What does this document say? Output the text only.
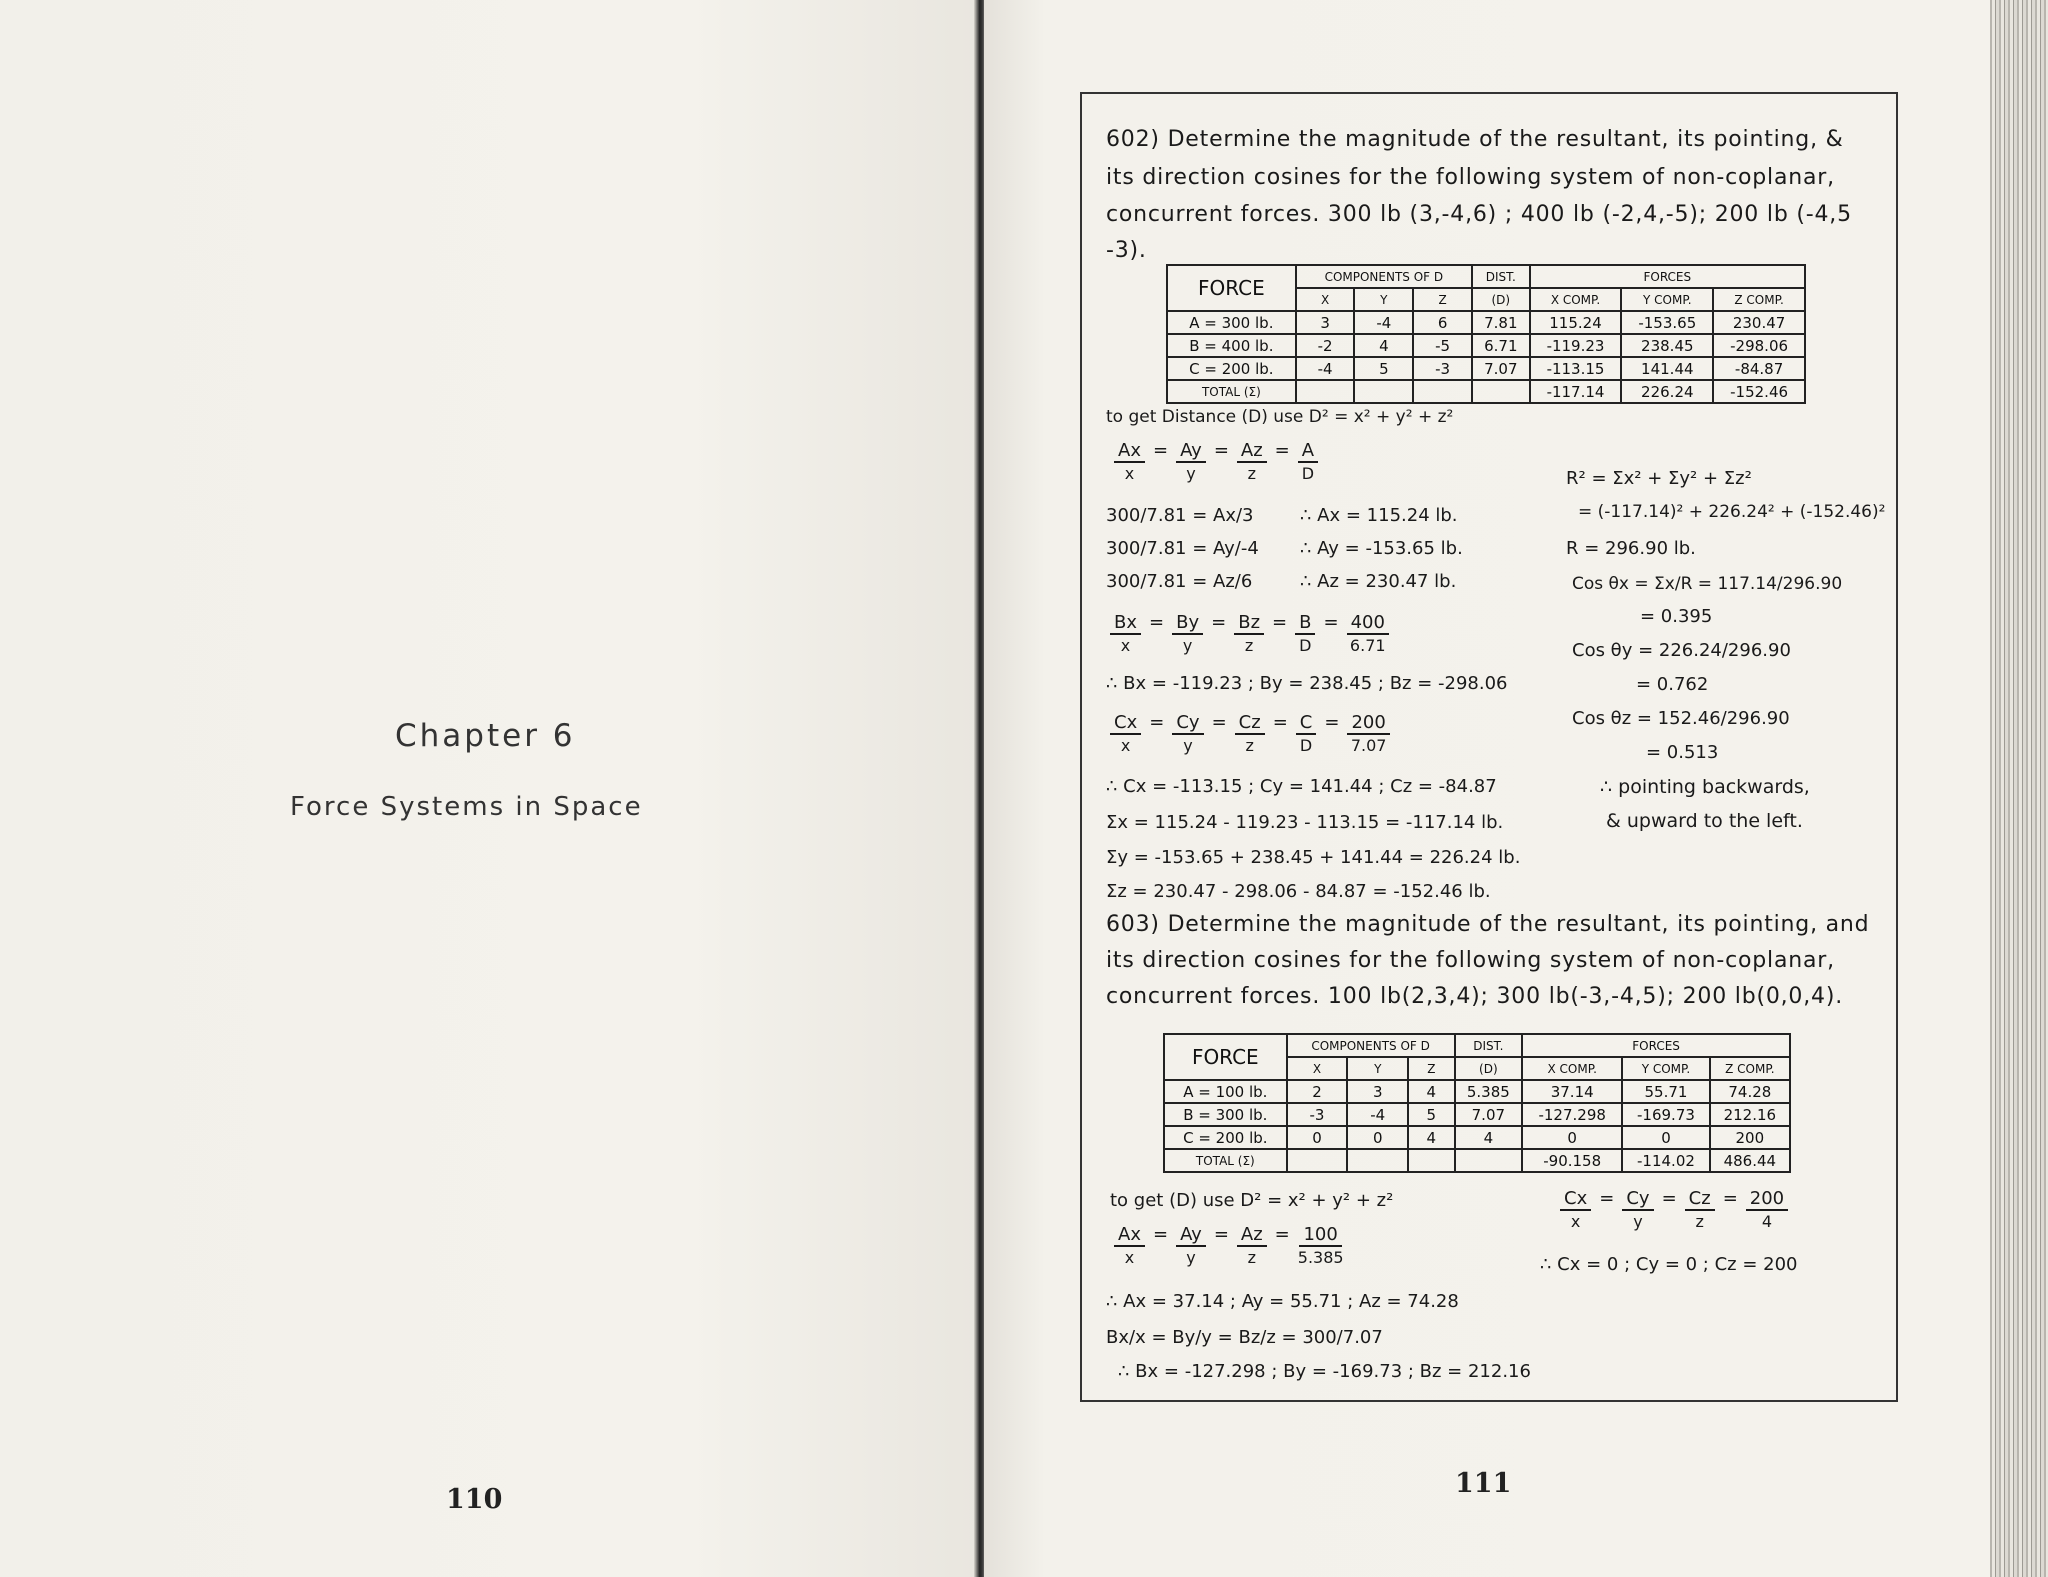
Chapter 6
Force Systems in Space
110
602) Determine the magnitude of the resultant, its pointing, &
its direction cosines for the following system of non-coplanar,
concurrent forces. 300 lb (3,-4,6) ; 400 lb (-2,4,-5); 200 lb (-4,5
-3).
FORCE	COMPONENTS OF D			DIST.	FORCES		
	X	Y	Z	(D)	X COMP.	Y COMP.	Z COMP.
A = 300 lb.	3	-4	6	7.81	115.24	-153.65	230.47
B = 400 lb.	-2	4	-5	6.71	-119.23	238.45	-298.06
C = 200 lb.	-4	5	-3	7.07	-113.15	141.44	-84.87
TOTAL (Σ)					-117.14	226.24	-152.46
to get Distance (D) use D² = x² + y² + z²
$\frac{Ax}{x} = \frac{Ay}{y} = \frac{Az}{z} = \frac{A}{D}$
300/7.81 = Ax/3	∴ Ax = 115.24 lb.
300/7.81 = Ay/-4 ∴ Ay = -153.65 lb.
300/7.81 = Az/6	∴ Az = 230.47 lb.
$\frac{Bx}{x} = \frac{By}{y} = \frac{Bz}{z} = \frac{B}{D} = \frac{400}{6.71}$
∴ Bx = -119.23 ; By = 238.45 ; Bz = -298.06
$\frac{Cx}{x} = \frac{Cy}{y} = \frac{Cz}{z} = \frac{C}{D} = \frac{200}{7.07}$
∴ Cx = -113.15 ; Cy = 141.44 ; Cz = -84.87
Σx = 115.24 - 119.23 - 113.15 = -117.14 lb.
Σy = -153.65 + 238.45 + 141.44 = 226.24 lb.
Σz = 230.47 - 298.06 - 84.87 = -152.46 lb.
R² = Σx² + Σy² + Σz²
= (-117.14)² + 226.24² + (-152.46)²
R = 296.90 lb.
Cos θx = Σx/R = 117.14/296.90
= 0.395
Cos θy = 226.24/296.90
= 0.762
Cos θz = 152.46/296.90
= 0.513
∴ pointing backwards,
& upward to the left.
603) Determine the magnitude of the resultant, its pointing, and
its direction cosines for the following system of non-coplanar,
concurrent forces. 100 lb(2,3,4); 300 lb(-3,-4,5); 200 lb(0,0,4).
FORCE	COMPONENTS OF D			DIST.	FORCES		
	X	Y	Z	(D)	X COMP.	Y COMP.	Z COMP.
A = 100 lb.	2	3	4	5.385	37.14	55.71	74.28
B = 300 lb.	-3	-4	5	7.07	-127.298	-169.73	212.16
C = 200 lb.	0	0	4	4	0	0	200
TOTAL (Σ)					-90.158	-114.02	486.44
to get (D) use D² = x² + y² + z²
$\frac{Ax}{x} = \frac{Ay}{y} = \frac{Az}{z} = \frac{100}{5.385}$
$\frac{Cx}{x} = \frac{Cy}{y} = \frac{Cz}{z} = \frac{200}{4}$
∴ Cx = 0 ; Cy = 0 ; Cz = 200
∴ Ax = 37.14 ; Ay = 55.71 ; Az = 74.28
Bx/x = By/y = Bz/z = 300/7.07
∴ Bx = -127.298 ; By = -169.73 ; Bz = 212.16
111
